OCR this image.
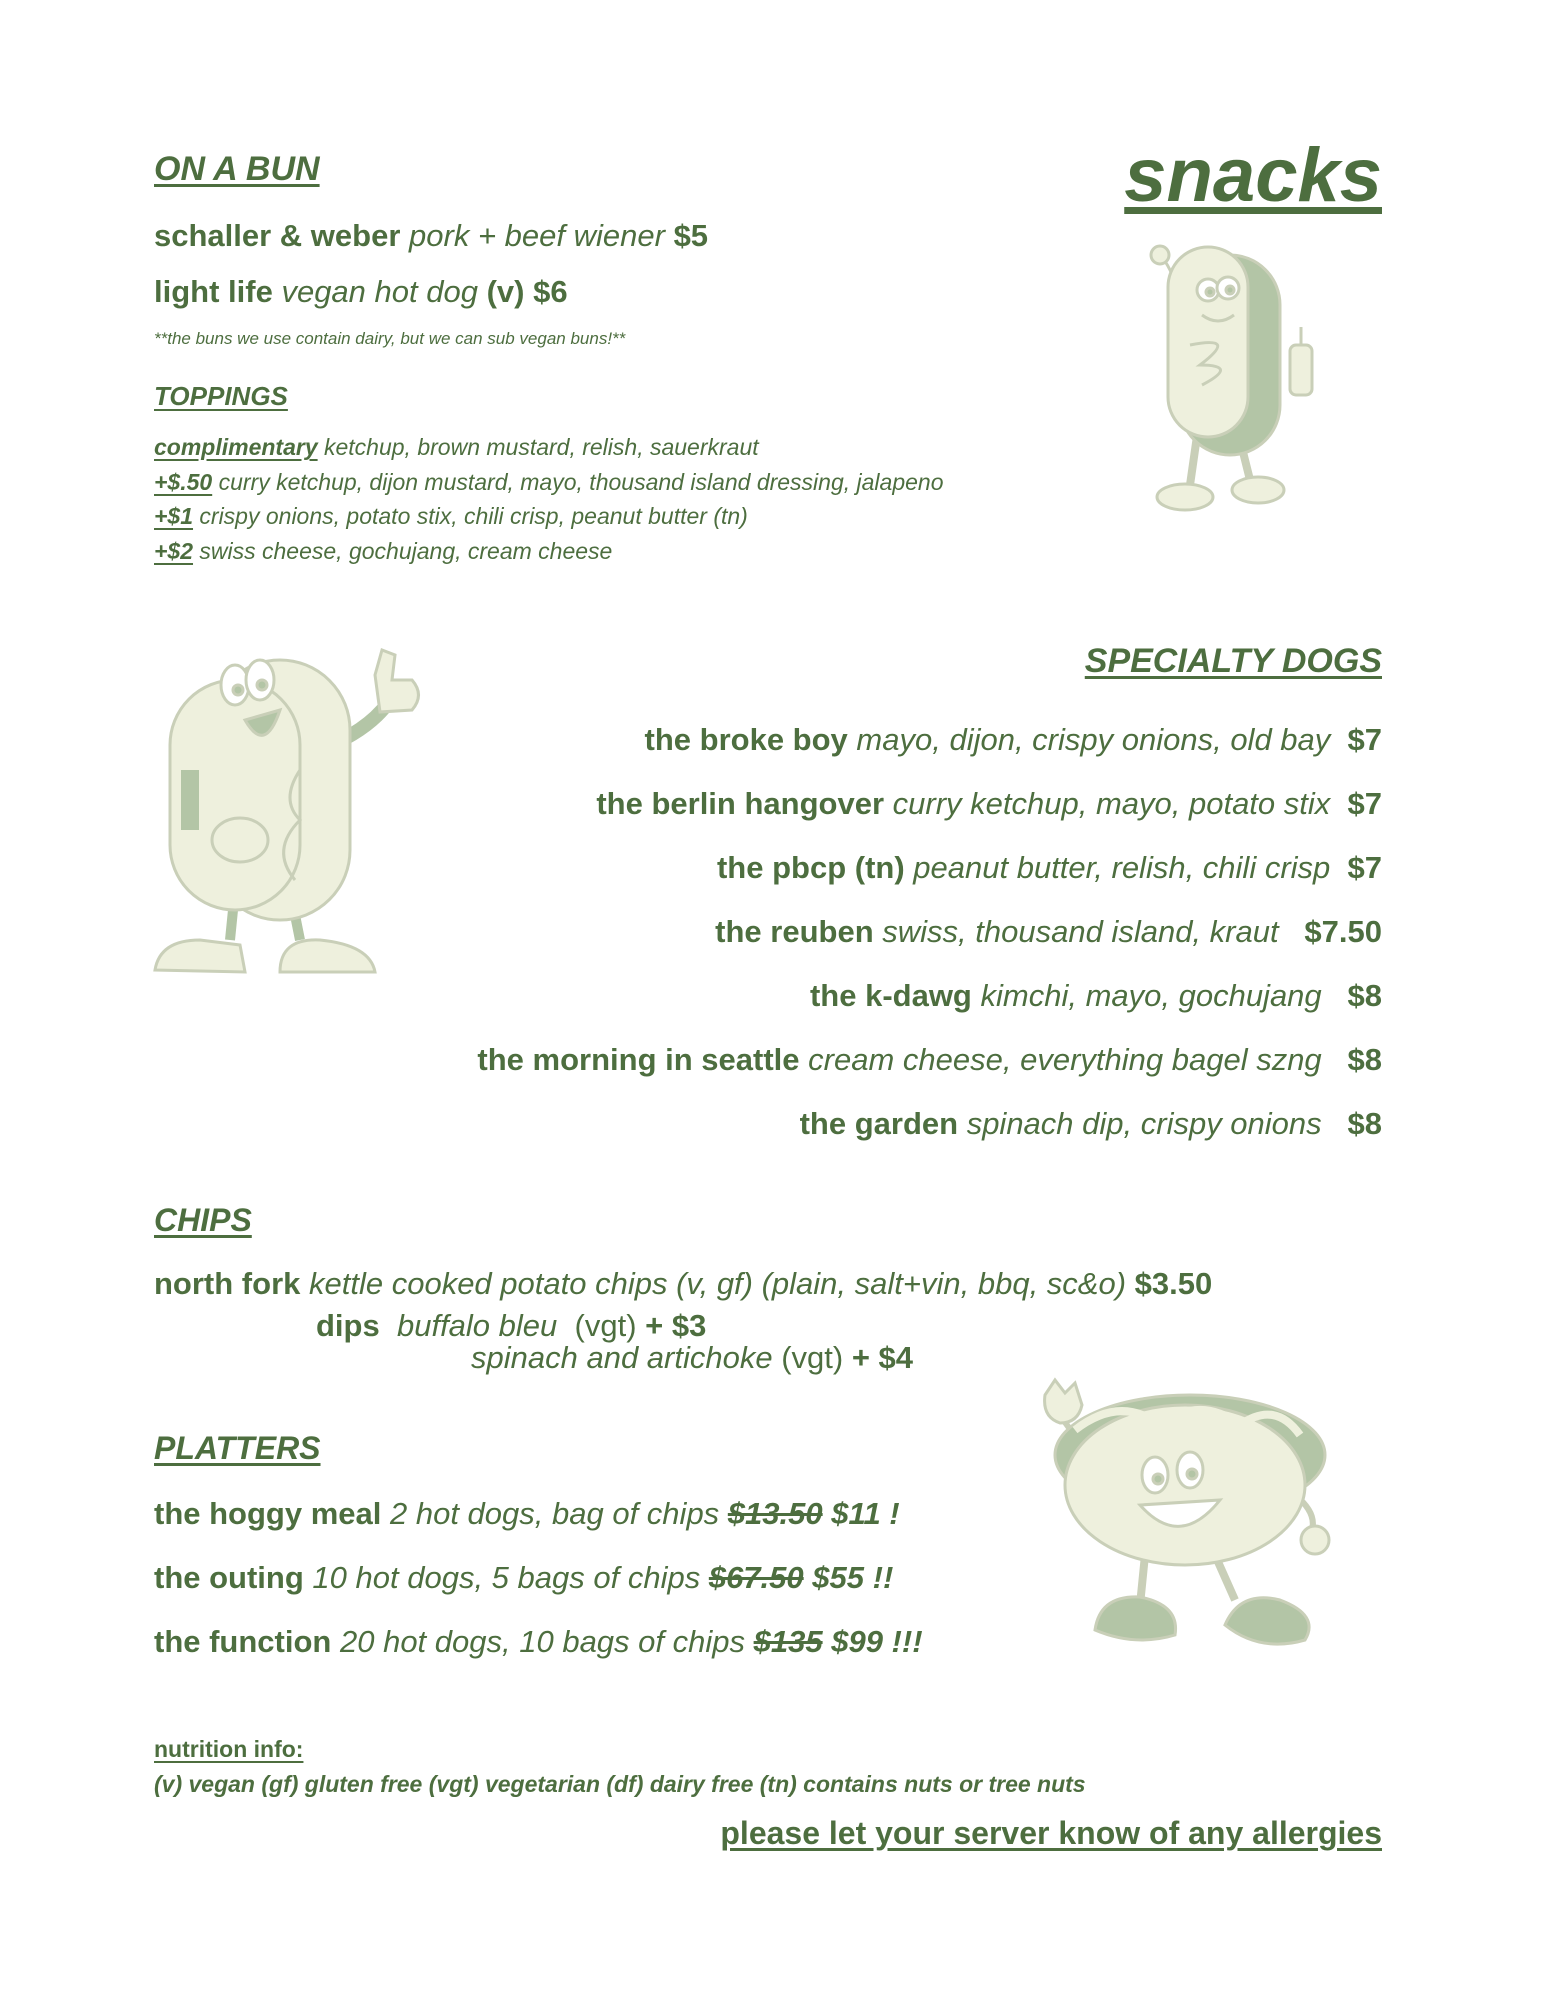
snacks
ON A BUN
schaller & weber pork + beef wiener $5
light life vegan hot dog (v) $6
**the buns we use contain dairy, but we can sub vegan buns!**
TOPPINGS
complimentary ketchup, brown mustard, relish, sauerkraut
+$.50 curry ketchup, dijon mustard, mayo, thousand island dressing, jalapeno
+$1 crispy onions, potato stix, chili crisp, peanut butter (tn)
+$2 swiss cheese, gochujang, cream cheese
SPECIALTY DOGS
the broke boy mayo, dijon, crispy onions, old bay $7
the berlin hangover curry ketchup, mayo, potato stix $7
the pbcp (tn) peanut butter, relish, chili crisp $7
the reuben swiss, thousand island, kraut $7.50
the k-dawg kimchi, mayo, gochujang $8
the morning in seattle cream cheese, everything bagel szng $8
the garden spinach dip, crispy onions $8
CHIPS
north fork kettle cooked potato chips (v, gf) (plain, salt+vin, bbq, sc&o) $3.50
dips buffalo bleu (vgt) + $3
spinach and artichoke (vgt) + $4
PLATTERS
the hoggy meal 2 hot dogs, bag of chips $13.50 $11 !
the outing 10 hot dogs, 5 bags of chips $67.50 $55 !!
the function 20 hot dogs, 10 bags of chips $135 $99 !!!
nutrition info:
(v) vegan (gf) gluten free (vgt) vegetarian (df) dairy free (tn) contains nuts or tree nuts
please let your server know of any allergies
